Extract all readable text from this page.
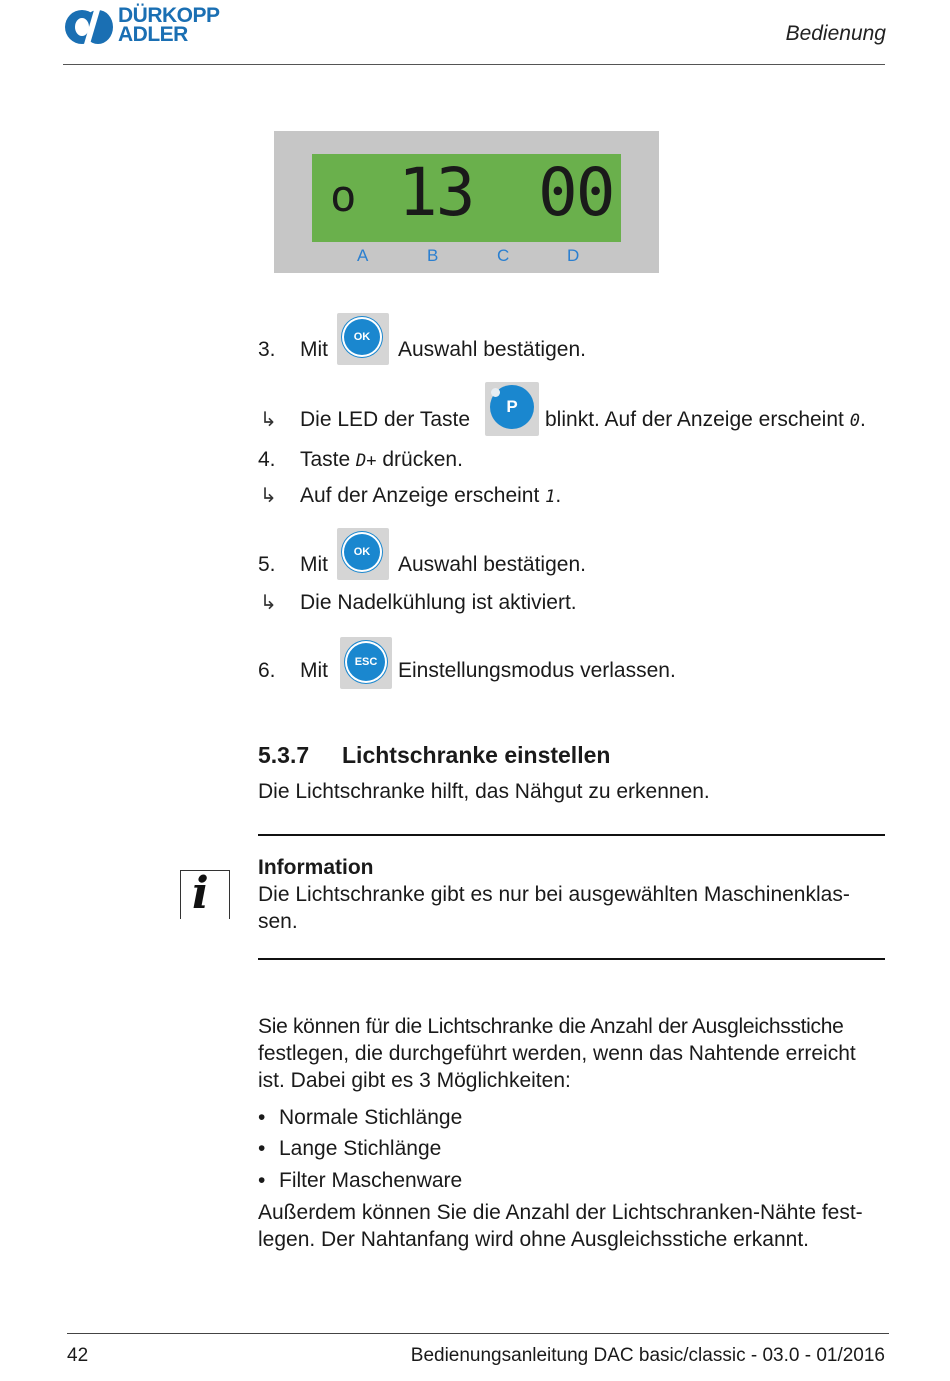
DÜRKOPP
ADLER	Bedienung
o 13 00
A	B	C	D
3. Mit
OK
Auswahl bestätigen.
↳ Die LED der Taste
P
blinkt. Auf der Anzeige erscheint 0.
4. Taste D+ drücken.
↳ Auf der Anzeige erscheint 1.
5. Mit
OK
Auswahl bestätigen.
↳ Die Nadelkühlung ist aktiviert.
6. Mit	ESC Einstellungsmodus verlassen.
5.3.7 Lichtschranke einstellen
Die Lichtschranke hilft, das Nähgut zu erkennen.
i
Information
Die Lichtschranke gibt es nur bei ausgewählten Maschinenklas-
sen.
Sie können für die Lichtschranke die Anzahl der Ausgleichsstiche
festlegen, die durchgeführt werden, wenn das Nahtende erreicht
ist. Dabei gibt es 3 Möglichkeiten:
• Normale Stichlänge
• Lange Stichlänge
• Filter Maschenware
Außerdem können Sie die Anzahl der Lichtschranken-Nähte fest-
legen. Der Nahtanfang wird ohne Ausgleichsstiche erkannt.
42	Bedienungsanleitung DAC basic/classic - 03.0 - 01/2016
